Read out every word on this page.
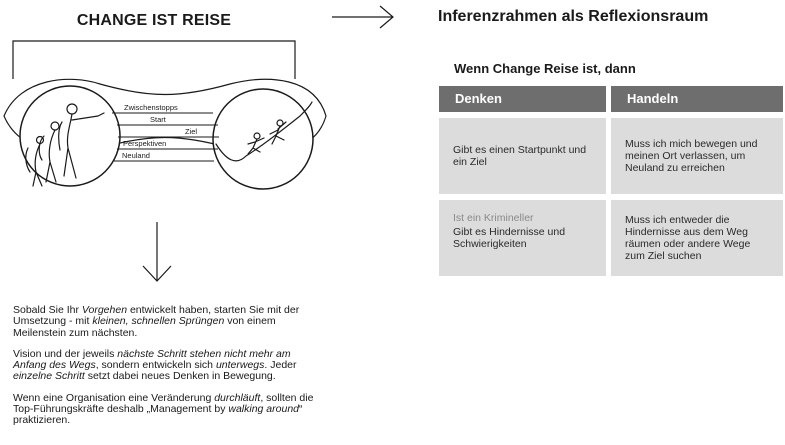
CHANGE IST REISE
Zwischenstopps
Start
Ziel
Perspektiven
Neuland
Inferenzrahmen als Reflexionsraum
Wenn Change Reise ist, dann
Denken	Handeln
Gibt es einen Startpunkt und ein Ziel
Muss ich mich bewegen und meinen Ort verlassen, um Neuland zu erreichen
Ist ein Krimineller
Gibt es Hindernisse und Schwierigkeiten
Muss ich entweder die Hindernisse aus dem Weg räumen oder andere Wege zum Ziel suchen

Sobald Sie Ihr Vorgehen entwickelt haben, starten Sie mit der Umsetzung - mit kleinen, schnellen Sprüngen von einem Meilenstein zum nächsten.

Vision und der jeweils nächste Schritt stehen nicht mehr am Anfang des Wegs, sondern entwickeln sich unterwegs. Jeder einzelne Schritt setzt dabei neues Denken in Bewegung.

Wenn eine Organisation eine Veränderung durchläuft, sollten die Top-Führungskräfte deshalb „Management by walking around“ praktizieren.
